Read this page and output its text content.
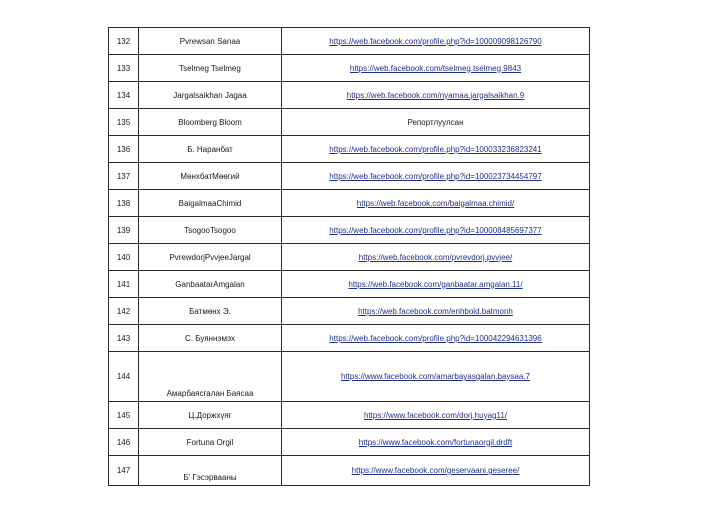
132	Pvrewsan Sanaa	https://web.facebook.com/profile.php?id=100009098126790
133	Tselmeg Tselmeg	https://web.facebook.com/tselmeg.tselmeg.9843
134	Jargalsaikhan Jagaa	https://web.facebook.com/nyamaa.jargalsaikhan.9
135	Bloomberg Bloom	Репортлуулсан
136	Б. Наранбат	https://web.facebook.com/profile.php?id=100033236823241
137	МөнхбатМөөгий	https://web.facebook.com/profile.php?id=100023734454797
138	BaigalmaaChimid	https://web.facebook.com/baigalmaa.chimid/
139	TsogooTsogoo	https://web.facebook.com/profile.php?id=100008485697377
140	PvrewdorjPvvjeeJargal	https://web.facebook.com/pvrevdorj.pvvjee/
141	GanbaatarAmgalan	https://web.facebook.com/ganbaatar.amgalan.11/
142	Батмөнх Э.	https://web.facebook.com/enhbold.batmonh
143	С. Буяннэмэх	https://web.facebook.com/profile.php?id=100042294631396
144	Амарбаясгалан Баясаа	https://www.facebook.com/amarbayasgalan.baysaa.7
145	Ц.Доржхүяг	https://www.facebook.com/dorj.huyag11/
146	Fortuna Orgil	https://www.facebook.com/fortunaorgil.drdft
147	Б' Гэсэрвааны	https://www.facebook.com/geservaani.geseree/
